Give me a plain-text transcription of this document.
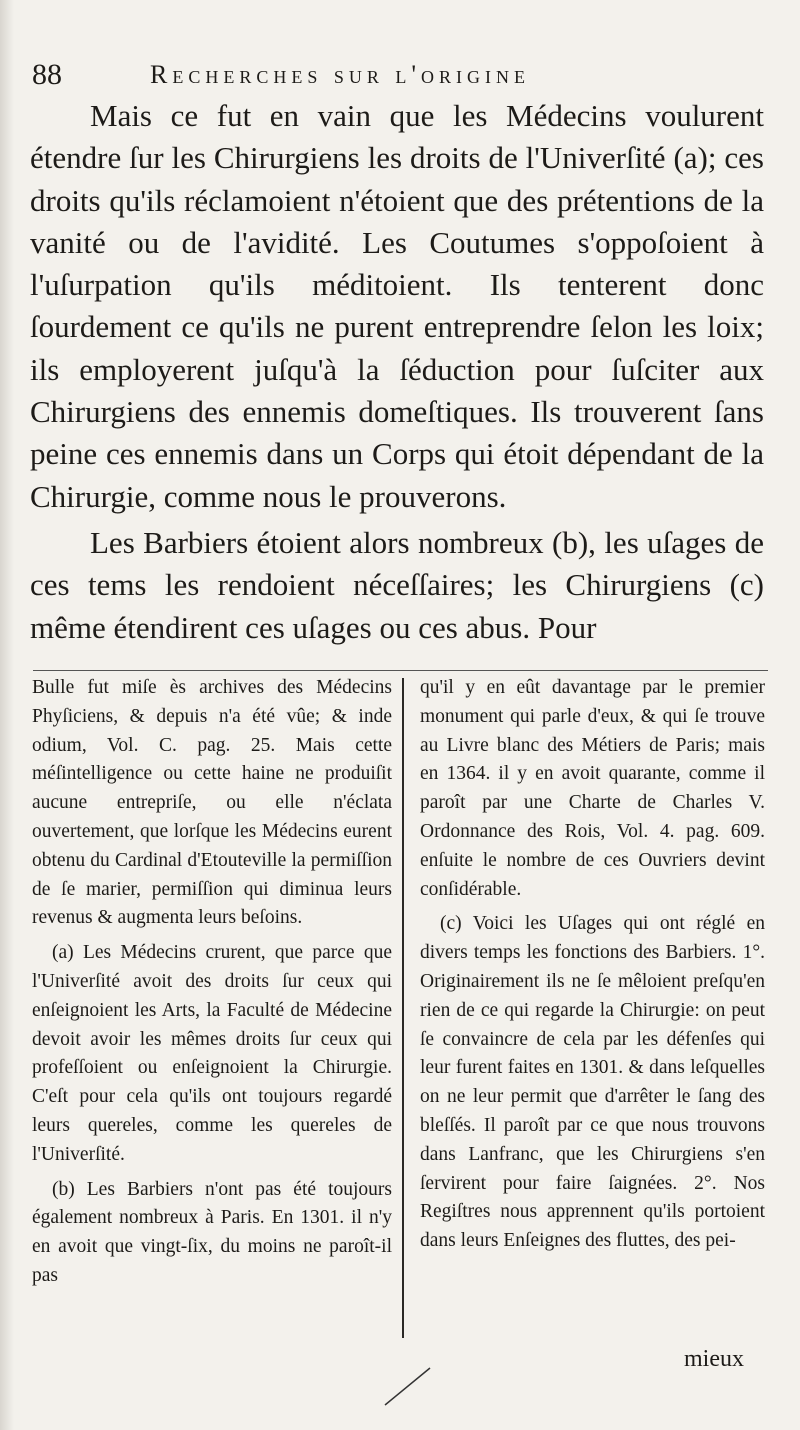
88	Recherches sur l'origine

Mais ce fut en vain que les Médecins voulurent étendre ſur les Chirurgiens les droits de l'Univerſité (a); ces droits qu'ils réclamoient n'étoient que des prétentions de la vanité ou de l'avidité. Les Coutumes s'oppoſoient à l'uſurpation qu'ils méditoient. Ils tenterent donc ſourdement ce qu'ils ne purent entreprendre ſelon les loix; ils employerent juſqu'à la ſéduction pour ſuſciter aux Chirurgiens des ennemis domeſtiques. Ils trouverent ſans peine ces ennemis dans un Corps qui étoit dépendant de la Chirurgie, comme nous le prouverons.

Les Barbiers étoient alors nombreux (b), les uſages de ces tems les rendoient néceſſaires; les Chirurgiens (c) même étendirent ces uſages ou ces abus. Pour

Bulle fut miſe ès archives des Médecins Phyſiciens, & depuis n'a été vûe; & inde odium, Vol. C. pag. 25. Mais cette méſintelligence ou cette haine ne produiſit aucune entrepriſe, ou elle n'éclata ouvertement, que lorſque les Médecins eurent obtenu du Cardinal d'Etouteville la permiſſion de ſe marier, permiſſion qui diminua leurs revenus & augmenta leurs beſoins.

(a) Les Médecins crurent, que parce que l'Univerſité avoit des droits ſur ceux qui enſeignoient les Arts, la Faculté de Médecine devoit avoir les mêmes droits ſur ceux qui profeſſoient ou enſeignoient la Chirurgie. C'eſt pour cela qu'ils ont toujours regardé leurs quereles, comme les quereles de l'Univerſité.

(b) Les Barbiers n'ont pas été toujours également nombreux à Paris. En 1301. il n'y en avoit que vingt-ſix, du moins ne paroît-il pas

qu'il y en eût davantage par le premier monument qui parle d'eux, & qui ſe trouve au Livre blanc des Métiers de Paris; mais en 1364. il y en avoit quarante, comme il paroît par une Charte de Charles V. Ordonnance des Rois, Vol. 4. pag. 609. enſuite le nombre de ces Ouvriers devint conſidérable.

(c) Voici les Uſages qui ont réglé en divers temps les fonctions des Barbiers. 1°. Originairement ils ne ſe mêloient preſqu'en rien de ce qui regarde la Chirurgie: on peut ſe convaincre de cela par les défenſes qui leur furent faites en 1301. & dans leſquelles on ne leur permit que d'arrêter le ſang des bleſſés. Il paroît par ce que nous trouvons dans Lanfranc, que les Chirurgiens s'en ſervirent pour faire ſaignées. 2°. Nos Regiſtres nous apprennent qu'ils portoient dans leurs Enſeignes des fluttes, des pei-

mieux
